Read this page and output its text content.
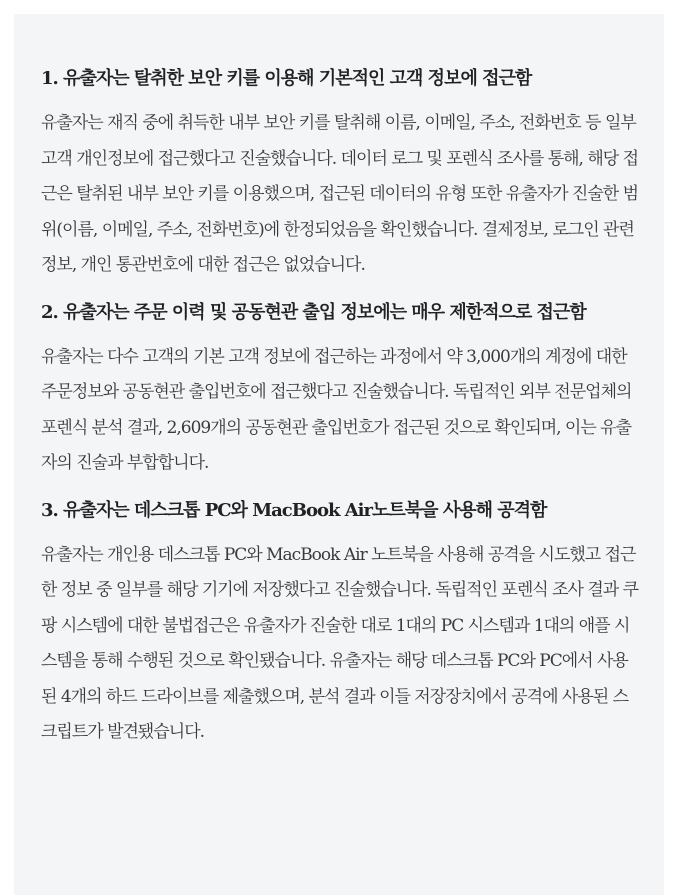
1. 유출자는 탈취한 보안 키를 이용해 기본적인 고객 정보에 접근함

유출자는 재직 중에 취득한 내부 보안 키를 탈취해 이름, 이메일, 주소, 전화번호 등 일부 고객 개인정보에 접근했다고 진술했습니다. 데이터 로그 및 포렌식 조사를 통해, 해당 접근은 탈취된 내부 보안 키를 이용했으며, 접근된 데이터의 유형 또한 유출자가 진술한 범위(이름, 이메일, 주소, 전화번호)에 한정되었음을 확인했습니다. 결제정보, 로그인 관련 정보, 개인 통관번호에 대한 접근은 없었습니다.

2. 유출자는 주문 이력 및 공동현관 출입 정보에는 매우 제한적으로 접근함

유출자는 다수 고객의 기본 고객 정보에 접근하는 과정에서 약 3,000개의 계정에 대한 주문정보와 공동현관 출입번호에 접근했다고 진술했습니다. 독립적인 외부 전문업체의 포렌식 분석 결과, 2,609개의 공동현관 출입번호가 접근된 것으로 확인되며, 이는 유출자의 진술과 부합합니다.

3. 유출자는 데스크톱 PC와 MacBook Air노트북을 사용해 공격함

유출자는 개인용 데스크톱 PC와 MacBook Air 노트북을 사용해 공격을 시도했고 접근한 정보 중 일부를 해당 기기에 저장했다고 진술했습니다. 독립적인 포렌식 조사 결과 쿠팡 시스템에 대한 불법접근은 유출자가 진술한 대로 1대의 PC 시스템과 1대의 애플 시스템을 통해 수행된 것으로 확인됐습니다. 유출자는 해당 데스크톱 PC와 PC에서 사용된 4개의 하드 드라이브를 제출했으며, 분석 결과 이들 저장장치에서 공격에 사용된 스크립트가 발견됐습니다.
